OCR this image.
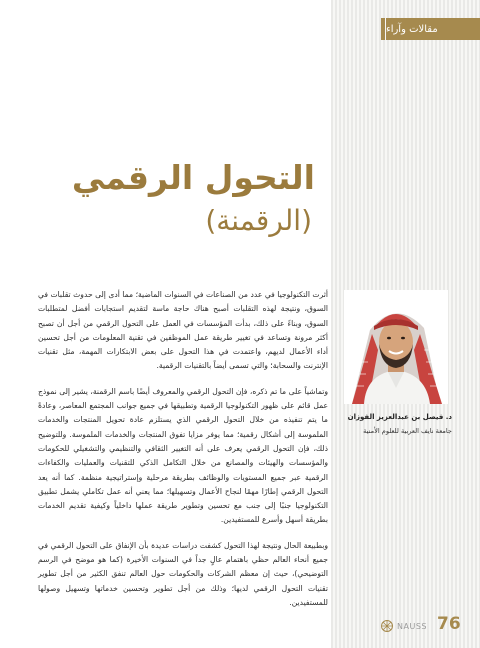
مقالات وآراء
التحول الرقمي
(الرقمنة)

أثرت التكنولوجيا في عدد من الصناعات في السنوات الماضية؛ مما أدى إلى حدوث تقلبات في السوق، ونتيجة لهذه التقلبات أصبح هناك حاجة ماسة لتقديم استجابات أفضل لمتطلبات السوق، وبناءً على ذلك، بدأت المؤسسات في العمل على التحول الرقمي من أجل أن تصبح أكثر مرونة وتساعد في تغيير طريقة عمل الموظفين في تقنية المعلومات من أجل تحسين أداء الأعمال لديهم، واعتمدت في هذا التحول على بعض الابتكارات المهمة، مثل تقنيات الإنترنت والسحابة؛ والتي تسمى أيضاً بالتقنيات الرقمية.

وتماشياً على ما تم ذكره، فإن التحول الرقمي والمعروف أيضًا باسم الرقمنة، يشير إلى نموذج عمل قائم على ظهور التكنولوجيا الرقمية وتطبيقها في جميع جوانب المجتمع المعاصر، وعادةً ما يتم تنفيذه من خلال التحول الرقمي الذي يستلزم عادة تحويل المنتجات والخدمات الملموسة إلى أشكال رقمية؛ مما يوفر مزايا تفوق المنتجات والخدمات الملموسة. وللتوضيح ذلك، فإن التحول الرقمي يعرف على أنه التغيير الثقافي والتنظيمي والتشغيلي للحكومات والمؤسسات والهيئات والمصانع من خلال التكامل الذكي للتقنيات والعمليات والكفاءات الرقمية عبر جميع المستويات والوظائف بطريقة مرحلية وإستراتيجية منظمة. كما أنه يعد التحول الرقمي إطارًا مهمًا لنجاح الأعمال وتسهيلها؛ مما يعني أنه عمل تكاملي يشمل تطبيق التكنولوجيا جنبًا إلى جنب مع تحسين وتطوير طريقة عملها داخلياً وكيفية تقديم الخدمات بطريقة أسهل وأسرع للمستفيدين.

وبطبيعة الحال ونتيجة لهذا التحول كشفت دراسات عديدة بأن الإنفاق على التحول الرقمي في جميع أنحاء العالم حظي باهتمام عالٍ جداً في السنوات الأخيرة (كما هو موضح في الرسم التوضيحي)، حيث إن معظم الشركات والحكومات حول العالم تنفق الكثير من أجل تطوير تقنيات التحول الرقمي لديها؛ وذلك من أجل تطوير وتحسين خدماتها وتسهيل وصولها للمستفيدين.

د. فيصل بن عبدالعزيز الفوزان
جامعة نايف العربية للعلوم الأمنية
NAUSS 76
